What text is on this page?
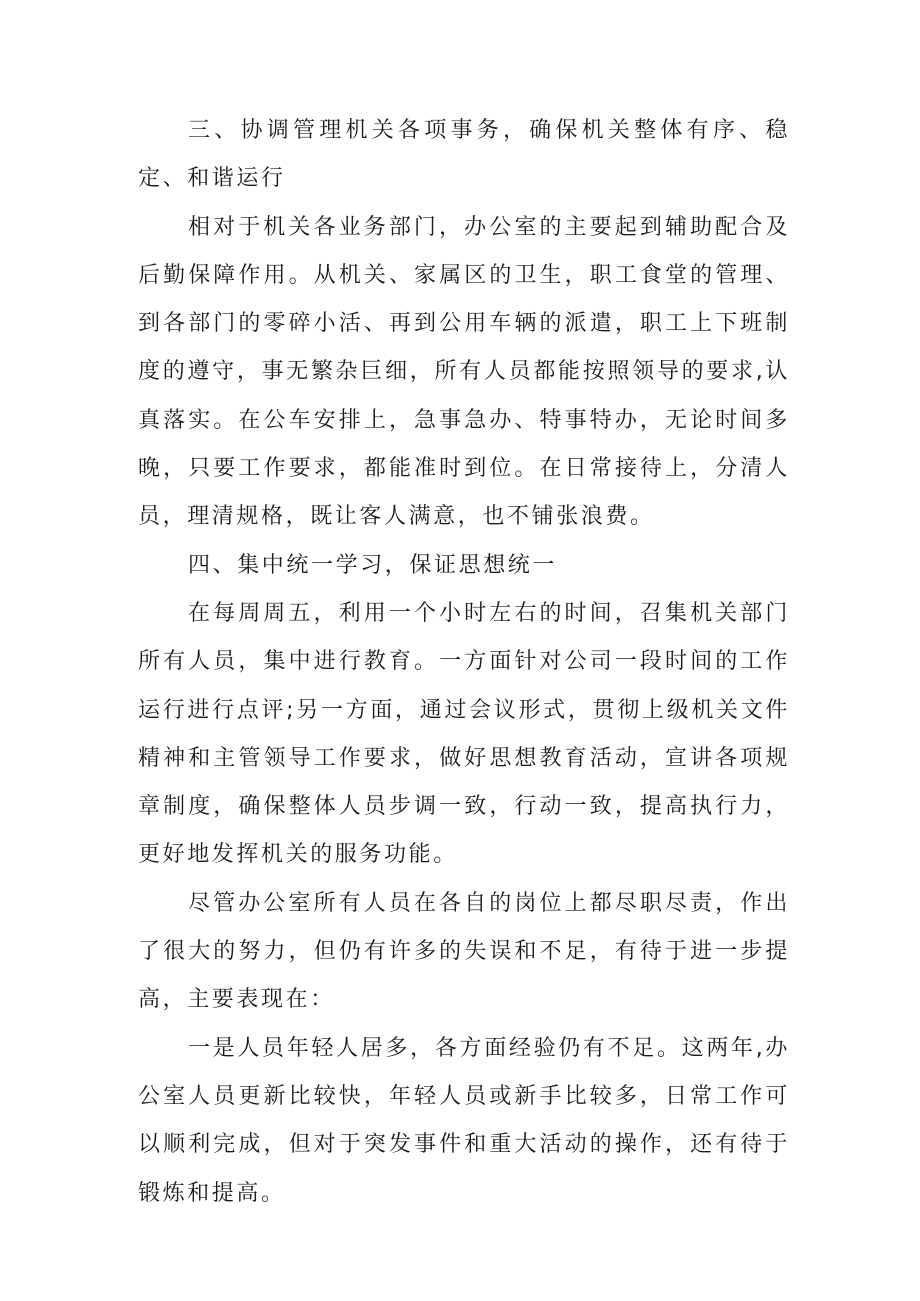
三、协调管理机关各项事务，确保机关整体有序、稳定、和谐运行

相对于机关各业务部门，办公室的主要起到辅助配合及后勤保障作用。从机关、家属区的卫生，职工食堂的管理、到各部门的零碎小活、再到公用车辆的派遣，职工上下班制度的遵守，事无繁杂巨细，所有人员都能按照领导的要求,认真落实。在公车安排上，急事急办、特事特办，无论时间多晚，只要工作要求，都能准时到位。在日常接待上，分清人员，理清规格，既让客人满意，也不铺张浪费。

四、集中统一学习，保证思想统一

在每周周五，利用一个小时左右的时间，召集机关部门所有人员，集中进行教育。一方面针对公司一段时间的工作运行进行点评;另一方面，通过会议形式，贯彻上级机关文件精神和主管领导工作要求，做好思想教育活动，宣讲各项规章制度，确保整体人员步调一致，行动一致，提高执行力，更好地发挥机关的服务功能。

尽管办公室所有人员在各自的岗位上都尽职尽责，作出了很大的努力，但仍有许多的失误和不足，有待于进一步提高，主要表现在：

一是人员年轻人居多，各方面经验仍有不足。这两年,办公室人员更新比较快，年轻人员或新手比较多，日常工作可以顺利完成，但对于突发事件和重大活动的操作，还有待于锻炼和提高。
